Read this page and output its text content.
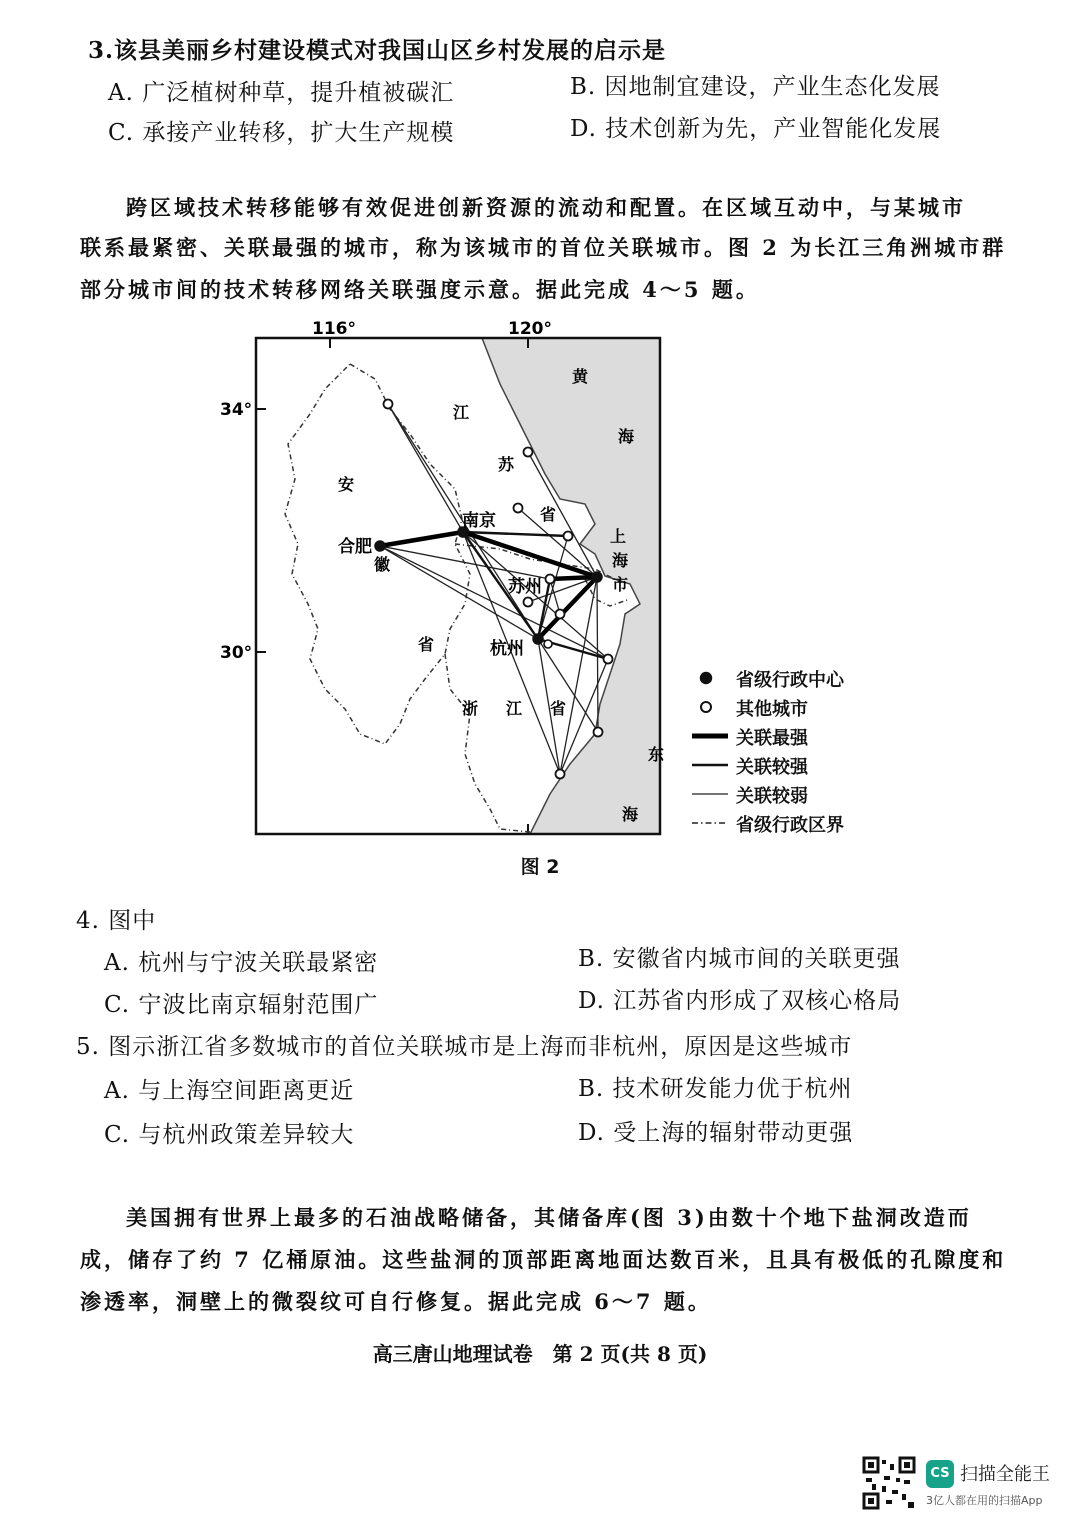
3.该县美丽乡村建设模式对我国山区乡村发展的启示是
A. 广泛植树种草，提升植被碳汇	B. 因地制宜建设，产业生态化发展
C. 承接产业转移，扩大生产规模	D. 技术创新为先，产业智能化发展
跨区域技术转移能够有效促进创新资源的流动和配置。在区域互动中，与某城市
联系最紧密、关联最强的城市，称为该城市的首位关联城市。图 2 为长江三角洲城市群
部分城市间的技术转移网络关联强度示意。据此完成 4～5 题。
116°	120°
34°
30°
黄
海
江
苏
省
安
徽
省
上
海
市
浙 江 省
东
海
南京
合肥
苏州
杭州
省级行政中心
其他城市
关联最强
关联较强
关联较弱
省级行政区界
图 2
4. 图中
A. 杭州与宁波关联最紧密	B. 安徽省内城市间的关联更强
C. 宁波比南京辐射范围广	D. 江苏省内形成了双核心格局
5. 图示浙江省多数城市的首位关联城市是上海而非杭州，原因是这些城市
A. 与上海空间距离更近	B. 技术研发能力优于杭州
C. 与杭州政策差异较大	D. 受上海的辐射带动更强
美国拥有世界上最多的石油战略储备，其储备库(图 3)由数十个地下盐洞改造而
成，储存了约 7 亿桶原油。这些盐洞的顶部距离地面达数百米，且具有极低的孔隙度和
渗透率，洞壁上的微裂纹可自行修复。据此完成 6～7 题。
高三唐山地理试卷　第 2 页(共 8 页)
CS 扫描全能王
3亿人都在用的扫描App
